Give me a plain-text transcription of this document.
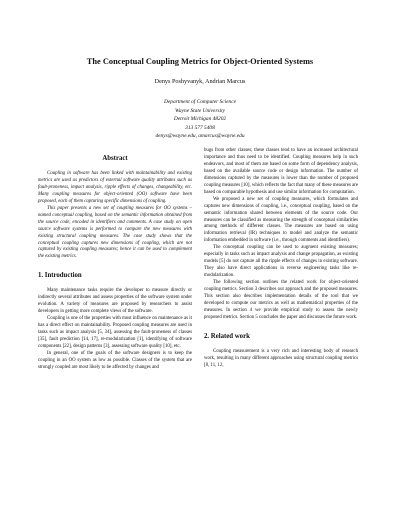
The Conceptual Coupling Metrics for Object-Oriented Systems
Denys Poshyvanyk, Andrian Marcus
Department of Computer Science
Wayne State University
Detroit Michigan 48202
313 577 5408
denys@wayne.edu, amarcus@wayne.edu
Abstract

Coupling in software has been linked with maintainability and existing metrics are used as predictors of external software quality attributes such as fault-proneness, impact analysis, ripple effects of changes, changeability, etc. Many coupling measures for object-oriented (OO) software have been proposed, each of them capturing specific dimensions of coupling.

This paper presents a new set of coupling measures for OO systems – named conceptual coupling, based on the semantic information obtained from the source code, encoded in identifiers and comments. A case study on open source software systems is performed to compare the new measures with existing structural coupling measures. The case study shows that the conceptual coupling captures new dimensions of coupling, which are not captured by existing coupling measures; hence it can be used to complement the existing metrics.

1. Introduction

Many maintenance tasks require the developer to measure directly or indirectly several attributes and assess properties of the software system under evolution. A variety of measures are proposed by researchers to assist developers in getting more complete views of the software.

Coupling is one of the properties with most influence on maintenance as it has a direct effect on maintainability. Proposed coupling measures are used in tasks such as impact analysis [5, 34], assessing the fault-proneness of classes [35], fault prediction [14, 17], re-modularization [1], identifying of software components [22], design patterns [3], assessing software quality [10], etc.

In general, one of the goals of the software designers is to keep the coupling in an OO system as low as possible. Classes of the system that are strongly coupled are most likely to be affected by changes and

bugs from other classes; these classes tend to have an increased architectural importance and thus need to be identified. Coupling measures help in such endeavors, and most of them are based on some form of dependency analysis, based on the available source code or design information. The number of dimensions captured by the measures is lower than the number of proposed coupling measures [10], which reflects the fact that many of these measures are based on comparable hypothesis and use similar information for computation.

We proposed a new set of coupling measures, which formulates and captures new dimensions of coupling, i.e., conceptual coupling, based on the semantic information shared between elements of the source code. Our measures can be classified as measuring the strength of conceptual similarities among methods of different classes. The measures are based on using information retrieval (IR) techniques to model and analyze the semantic information embedded in software (i.e., through comments and identifiers).

The conceptual coupling can be used to augment existing measures; especially in tasks such as impact analysis and change propagation, as existing models [5] do not capture all the ripple effects of changes in existing software. They also have direct applications in reverse engineering tasks like re-modularization.

The following section outlines the related work for object-oriented coupling metrics. Section 3 describes our approach and the proposed measures. This section also describes implementation details of the tool that we developed to compute our metrics as well as mathematical properties of the measures. In section 4 we provide empirical study to assess the newly proposed metrics. Section 5 concludes the paper and discusses the future work.

2. Related work

Coupling measurement is a very rich and interesting body of research work, resulting in many different approaches using structural coupling metrics [8, 11, 12,
